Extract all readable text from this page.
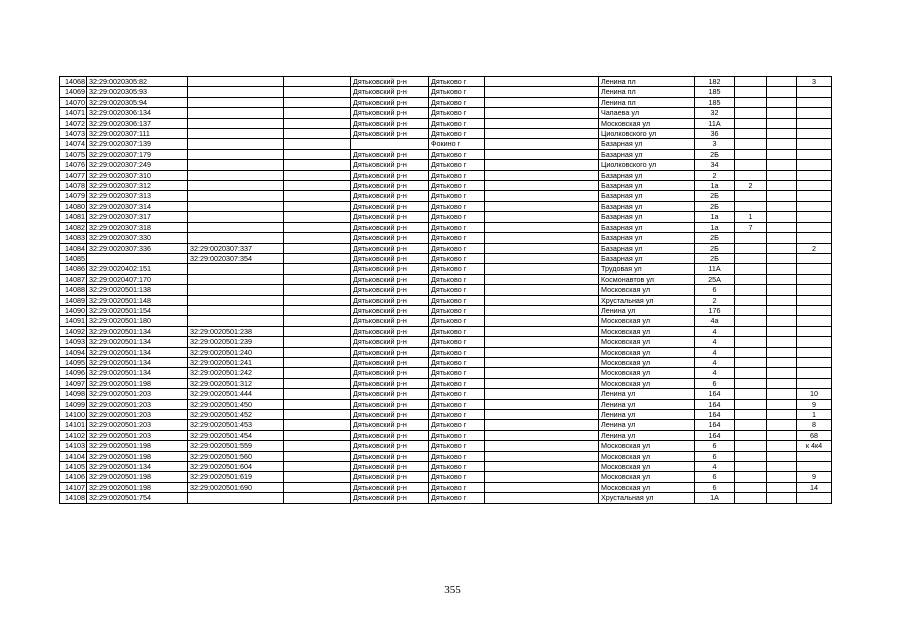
14068	32:29:0020305:82			Дятьковский р-н	Дятьково г		Ленина пл	182			3
14069	32:29:0020305:93			Дятьковский р-н	Дятьково г		Ленина пл	185			
14070	32:29:0020305:94			Дятьковский р-н	Дятьково г		Ленина пл	185			
14071	32:29:0020306:134			Дятьковский р-н	Дятьково г		Чапаева ул	32			
14072	32:29:0020306:137			Дятьковский р-н	Дятьково г		Московская ул	11А			
14073	32:29:0020307:111			Дятьковский р-н	Дятьково г		Циолковского ул	36			
14074	32:29:0020307:139				Фокино г		Базарная ул	3			
14075	32:29:0020307:179			Дятьковский р-н	Дятьково г		Базарная ул	2Б			
14076	32:29:0020307:249			Дятьковский р-н	Дятьково г		Циолковского ул	34			
14077	32:29:0020307:310			Дятьковский р-н	Дятьково г		Базарная ул	2			
14078	32:29:0020307:312			Дятьковский р-н	Дятьково г		Базарная ул	1а	2		
14079	32:29:0020307:313			Дятьковский р-н	Дятьково г		Базарная ул	2Б			
14080	32:29:0020307:314			Дятьковский р-н	Дятьково г		Базарная ул	2Б			
14081	32:29:0020307:317			Дятьковский р-н	Дятьково г		Базарная ул	1а	1		
14082	32:29:0020307:318			Дятьковский р-н	Дятьково г		Базарная ул	1а	7		
14083	32:29:0020307:330			Дятьковский р-н	Дятьково г		Базарная ул	2Б			
14084	32:29:0020307:336	32:29:0020307:337		Дятьковский р-н	Дятьково г		Базарная ул	2Б			2
14085		32:29:0020307:354		Дятьковский р-н	Дятьково г		Базарная ул	2Б			
14086	32:29:0020402:151			Дятьковский р-н	Дятьково г		Трудовая ул	11А			
14087	32:29:0020407:170			Дятьковский р-н	Дятьково г		Космонавтов ул	25А			
14088	32:29:0020501:138			Дятьковский р-н	Дятьково г		Московская ул	6			
14089	32:29:0020501:148			Дятьковский р-н	Дятьково г		Хрустальная ул	2			
14090	32:29:0020501:154			Дятьковский р-н	Дятьково г		Ленина ул	176			
14091	32:29:0020501:180			Дятьковский р-н	Дятьково г		Московская ул	4а			
14092	32:29:0020501:134	32:29:0020501:238		Дятьковский р-н	Дятьково г		Московская ул	4			
14093	32:29:0020501:134	32:29:0020501:239		Дятьковский р-н	Дятьково г		Московская ул	4			
14094	32:29:0020501:134	32:29:0020501:240		Дятьковский р-н	Дятьково г		Московская ул	4			
14095	32:29:0020501:134	32:29:0020501:241		Дятьковский р-н	Дятьково г		Московская ул	4			
14096	32:29:0020501:134	32:29:0020501:242		Дятьковский р-н	Дятьково г		Московская ул	4			
14097	32:29:0020501:198	32:29:0020501:312		Дятьковский р-н	Дятьково г		Московская ул	6			
14098	32:29:0020501:203	32:29:0020501:444		Дятьковский р-н	Дятьково г		Ленина ул	164			10
14099	32:29:0020501:203	32:29:0020501:450		Дятьковский р-н	Дятьково г		Ленина ул	164			9
14100	32:29:0020501:203	32:29:0020501:452		Дятьковский р-н	Дятьково г		Ленина ул	164			1
14101	32:29:0020501:203	32:29:0020501:453		Дятьковский р-н	Дятьково г		Ленина ул	164			8
14102	32:29:0020501:203	32:29:0020501:454		Дятьковский р-н	Дятьково г		Ленина ул	164			68
14103	32:29:0020501:198	32:29:0020501:559		Дятьковский р-н	Дятьково г		Московская ул	6			к 4к4
14104	32:29:0020501:198	32:29:0020501:560		Дятьковский р-н	Дятьково г		Московская ул	6			
14105	32:29:0020501:134	32:29:0020501:604		Дятьковский р-н	Дятьково г		Московская ул	4			
14106	32:29:0020501:198	32:29:0020501:619		Дятьковский р-н	Дятьково г		Московская ул	6			9
14107	32:29:0020501:198	32:29:0020501:690		Дятьковский р-н	Дятьково г		Московская ул	6			14
14108	32:29:0020501:754			Дятьковский р-н	Дятьково г		Хрустальная ул	1А			
355
